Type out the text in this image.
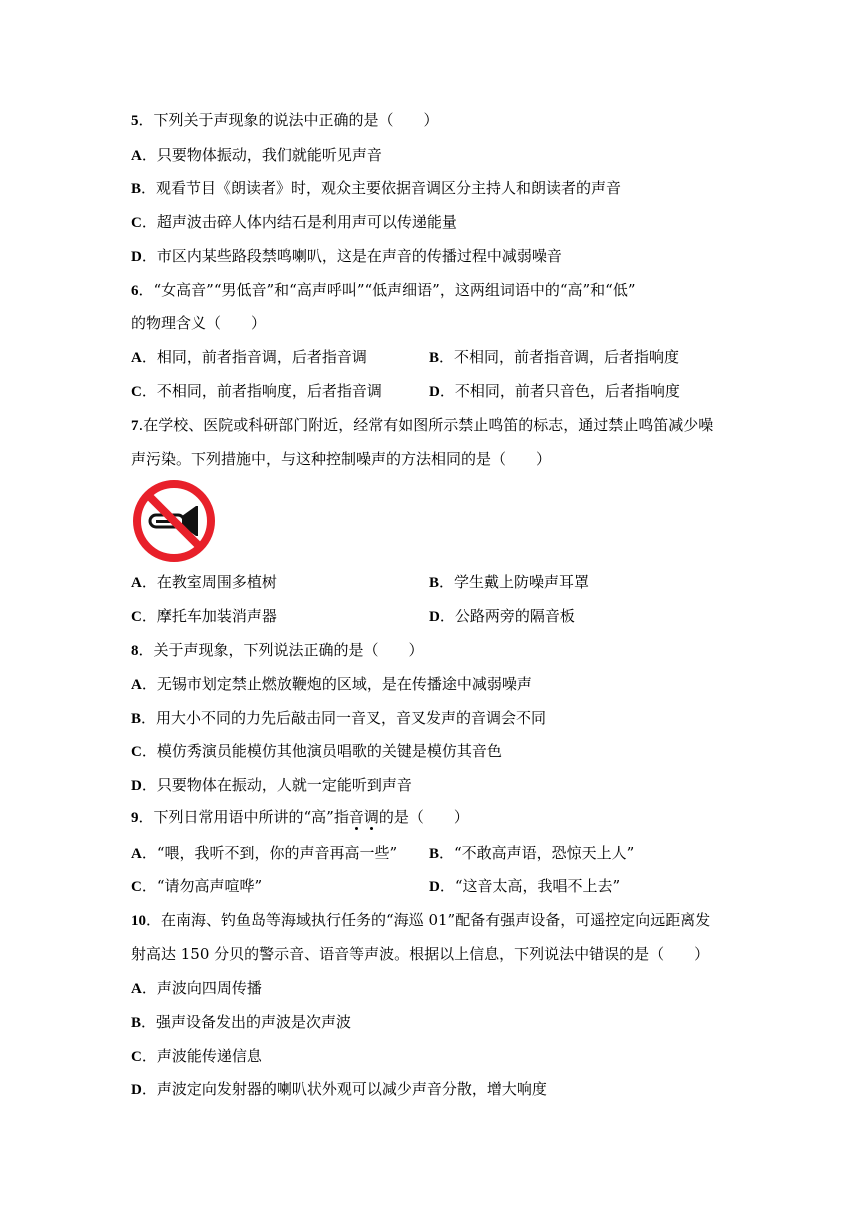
5．下列关于声现象的说法中正确的是（　　）
A．只要物体振动，我们就能听见声音
B．观看节目《朗读者》时，观众主要依据音调区分主持人和朗读者的声音
C．超声波击碎人体内结石是利用声可以传递能量
D．市区内某些路段禁鸣喇叭，这是在声音的传播过程中减弱噪音
6．“女高音”“男低音”和“高声呼叫”“低声细语”，这两组词语中的“高”和“低”
的物理含义（　　）
A．相同，前者指音调，后者指音调	B．不相同，前者指音调，后者指响度
C．不相同，前者指响度，后者指音调	D．不相同，前者只音色，后者指响度
7.在学校、医院或科研部门附近，经常有如图所示禁止鸣笛的标志，通过禁止鸣笛减少噪
声污染。下列措施中，与这种控制噪声的方法相同的是（　　）
A．在教室周围多植树	B．学生戴上防噪声耳罩
C．摩托车加装消声器	D．公路两旁的隔音板
8．关于声现象，下列说法正确的是（　　）
A．无锡市划定禁止燃放鞭炮的区域，是在传播途中减弱噪声
B．用大小不同的力先后敲击同一音叉，音叉发声的音调会不同
C．模仿秀演员能模仿其他演员唱歌的关键是模仿其音色
D．只要物体在振动，人就一定能听到声音
9．下列日常用语中所讲的“高”指音调的是（　　）
A．“喂，我听不到，你的声音再高一些” B．“不敢高声语，恐惊天上人”
C．“请勿高声喧哗”	D．“这音太高，我唱不上去”
10．在南海、钓鱼岛等海域执行任务的“海巡 01”配备有强声设备，可遥控定向远距离发
射高达 150 分贝的警示音、语音等声波。根据以上信息，下列说法中错误的是（　　）
A．声波向四周传播
B．强声设备发出的声波是次声波
C．声波能传递信息
D．声波定向发射器的喇叭状外观可以减少声音分散，增大响度
